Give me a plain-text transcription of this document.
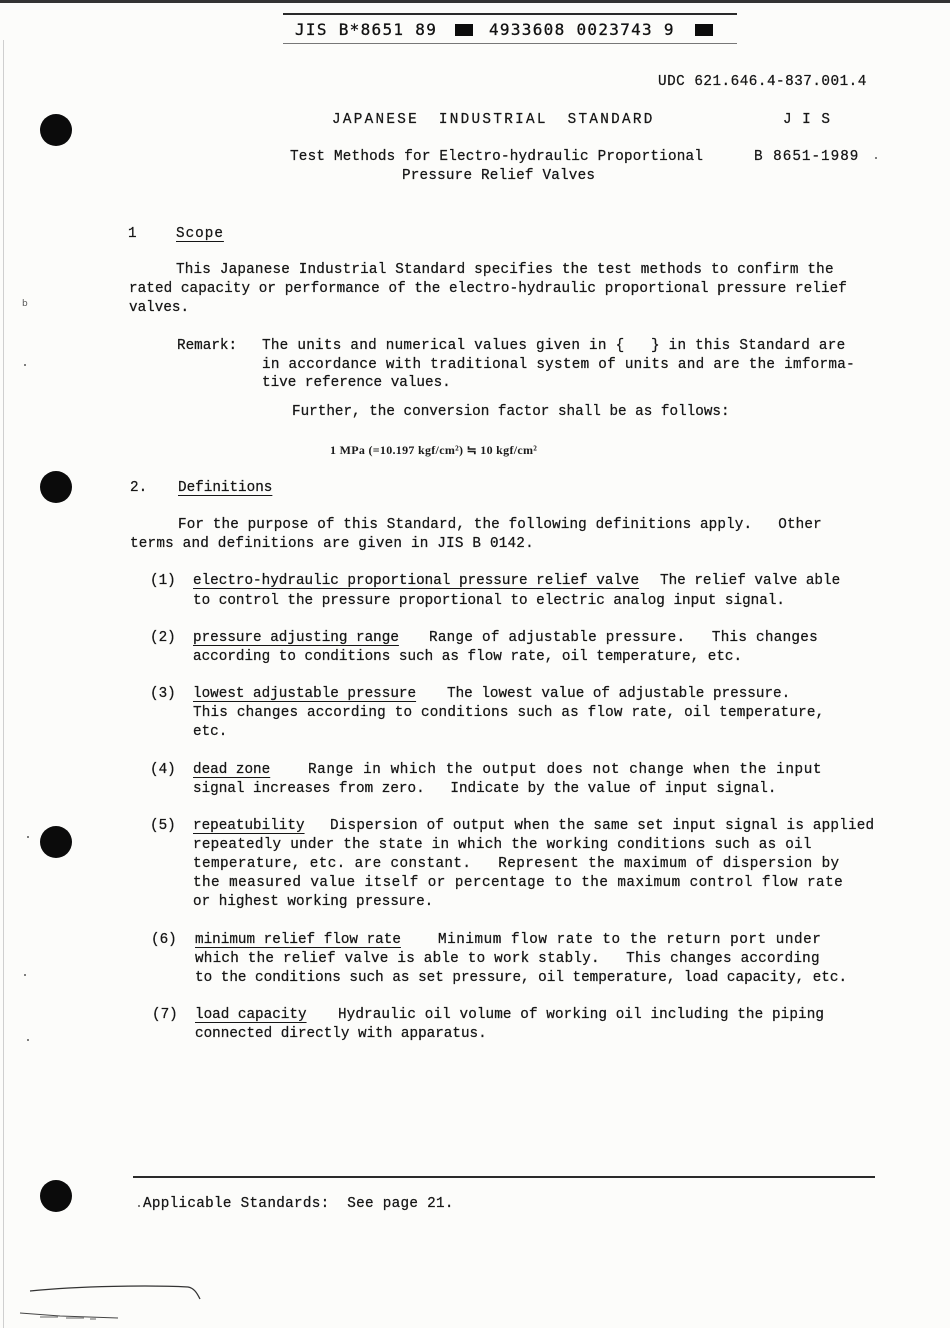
JIS B*8651 89	4933608 0023743 9
b
UDC 621.646.4-837.001.4
JAPANESE INDUSTRIAL STANDARD	J I S
Test Methods for Electro-hydraulic Proportional
Pressure Relief Valves
B 8651-1989
1	Scope
This Japanese Industrial Standard specifies the test methods to confirm the
rated capacity or performance of the electro-hydraulic proportional pressure relief
valves.
Remark: The units and numerical values given in {   } in this Standard are
in accordance with traditional system of units and are the imforma-
tive reference values.
Further, the conversion factor shall be as follows:
1 MPa (=10.197 kgf/cm²) ≒ 10 kgf/cm²
2. Definitions
For the purpose of this Standard, the following definitions apply.   Other
terms and definitions are given in JIS B 0142.
(1) electro-hydraulic proportional pressure relief valve The relief valve able
to control the pressure proportional to electric analog input signal.
(2) pressure adjusting range Range of adjustable pressure.   This changes
according to conditions such as flow rate, oil temperature, etc.
(3) lowest adjustable pressure The lowest value of adjustable pressure.
This changes according to conditions such as flow rate, oil temperature,
etc.
(4) dead zone	Range in which the output does not change when the input
signal increases from zero.   Indicate by the value of input signal.
(5) repeatubility Dispersion of output when the same set input signal is applied
repeatedly under the state in which the working conditions such as oil
temperature, etc. are constant.   Represent the maximum of dispersion by
the measured value itself or percentage to the maximum control flow rate
or highest working pressure.
(6) minimum relief flow rate	Minimum flow rate to the return port under
which the relief valve is able to work stably.   This changes according
to the conditions such as set pressure, oil temperature, load capacity, etc.
(7) load capacity Hydraulic oil volume of working oil including the piping
connected directly with apparatus.
Applicable Standards:  See page 21.
